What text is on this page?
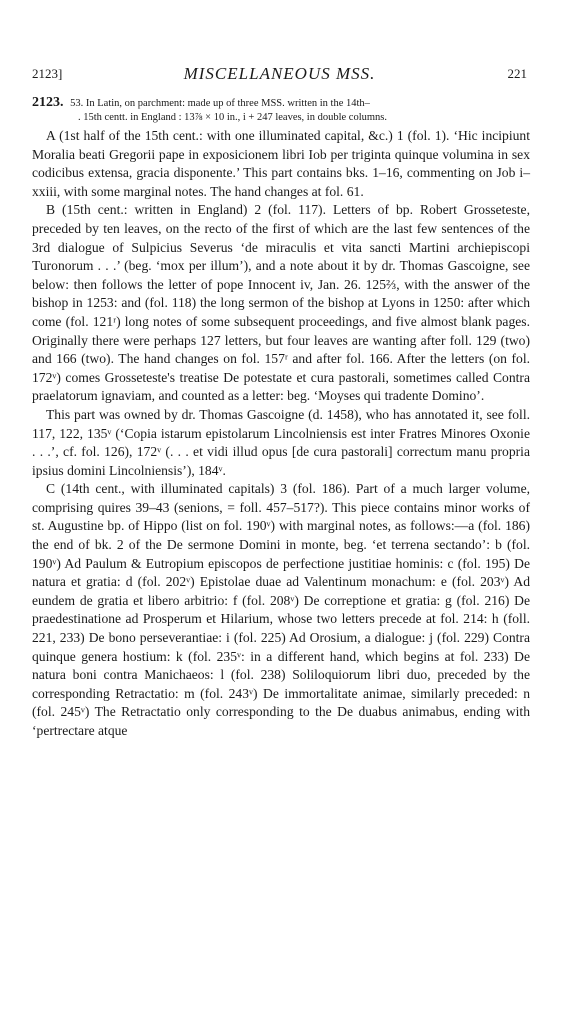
2123]	MISCELLANEOUS MSS.	221
2123. 53. In Latin, on parchment: made up of three MSS. written in the 14th–
. 15th centt. in England : 13⅞ × 10 in., i + 247 leaves, in double columns.

A (1st half of the 15th cent.: with one illuminated capital, &c.) 1 (fol. 1). ‘Hic incipiunt Moralia beati Gregorii pape in exposicionem libri Iob per triginta quinque volumina in sex codicibus extensa, gracia disponente.’ This part contains bks. 1–16, commenting on Job i–xxiii, with some marginal notes. The hand changes at fol. 61.

B (15th cent.: written in England) 2 (fol. 117). Letters of bp. Robert Grosseteste, preceded by ten leaves, on the recto of the first of which are the last few sentences of the 3rd dialogue of Sulpicius Severus ‘de miraculis et vita sancti Martini archiepiscopi Turonorum . . .’ (beg. ‘mox per illum’), and a note about it by dr. Thomas Gascoigne, see below: then follows the letter of pope Innocent iv, Jan. 26. 125⅔, with the answer of the bishop in 1253: and (fol. 118) the long sermon of the bishop at Lyons in 1250: after which come (fol. 121ʳ) long notes of some subsequent proceedings, and five almost blank pages. Originally there were perhaps 127 letters, but four leaves are wanting after foll. 129 (two) and 166 (two). The hand changes on fol. 157ʳ and after fol. 166. After the letters (on fol. 172ᵛ) comes Grosseteste's treatise De potestate et cura pastorali, sometimes called Contra praelatorum ignaviam, and counted as a letter: beg. ‘Moyses qui tradente Domino’.

This part was owned by dr. Thomas Gascoigne (d. 1458), who has annotated it, see foll. 117, 122, 135ᵛ (‘Copia istarum epistolarum Lincolniensis est inter Fratres Minores Oxonie . . .’, cf. fol. 126), 172ᵛ (. . . et vidi illud opus [de cura pastorali] correctum manu propria ipsius domini Lincolniensis’), 184ᵛ.

C (14th cent., with illuminated capitals) 3 (fol. 186). Part of a much larger volume, comprising quires 39–43 (senions, = foll. 457–517?). This piece contains minor works of st. Augustine bp. of Hippo (list on fol. 190ᵛ) with marginal notes, as follows:—a (fol. 186) the end of bk. 2 of the De sermone Domini in monte, beg. ‘et terrena sectando’: b (fol. 190ᵛ) Ad Paulum & Eutropium episcopos de perfectione justitiae hominis: c (fol. 195) De natura et gratia: d (fol. 202ᵛ) Epistolae duae ad Valentinum monachum: e (fol. 203ᵛ) Ad eundem de gratia et libero arbitrio: f (fol. 208ᵛ) De correptione et gratia: g (fol. 216) De praedestinatione ad Prosperum et Hilarium, whose two letters precede at fol. 214: h (foll. 221, 233) De bono perseverantiae: i (fol. 225) Ad Orosium, a dialogue: j (fol. 229) Contra quinque genera hostium: k (fol. 235ᵛ: in a different hand, which begins at fol. 233) De natura boni contra Manichaeos: l (fol. 238) Soliloquiorum libri duo, preceded by the corresponding Retractatio: m (fol. 243ᵛ) De immortalitate animae, similarly preceded: n (fol. 245ᵛ) The Retractatio only corresponding to the De duabus animabus, ending with ‘pertrectare atque
